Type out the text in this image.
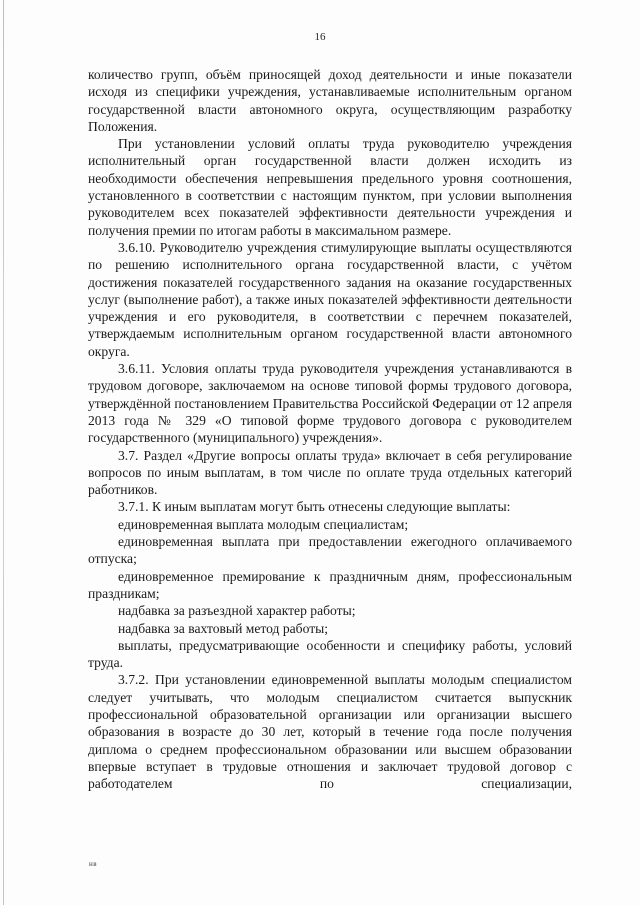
16

количество групп, объём приносящей доход деятельности и иные показатели исходя из специфики учреждения, устанавливаемые исполнительным органом государственной власти автономного округа, осуществляющим разработку Положения.

При установлении условий оплаты труда руководителю учреждения исполнительный орган государственной власти должен исходить из необходимости обеспечения непревышения предельного уровня соотношения, установленного в соответствии с настоящим пунктом, при условии выполнения руководителем всех показателей эффективности деятельности учреждения и получения премии по итогам работы в максимальном размере.

3.6.10. Руководителю учреждения стимулирующие выплаты осуществляются по решению исполнительного органа государственной власти, с учётом достижения показателей государственного задания на оказание государственных услуг (выполнение работ), а также иных показателей эффективности деятельности учреждения и его руководителя, в соответствии с перечнем показателей, утверждаемым исполнительным органом государственной власти автономного округа.

3.6.11. Условия оплаты труда руководителя учреждения устанавливаются в трудовом договоре, заключаемом на основе типовой формы трудового договора, утверждённой постановлением Правительства Российской Федерации от 12 апреля 2013 года № 329 «О типовой форме трудового договора с руководителем государственного (муниципального) учреждения».

3.7. Раздел «Другие вопросы оплаты труда» включает в себя регулирование вопросов по иным выплатам, в том числе по оплате труда отдельных категорий работников.

3.7.1. К иным выплатам могут быть отнесены следующие выплаты:

единовременная выплата молодым специалистам;

единовременная выплата при предоставлении ежегодного оплачиваемого отпуска;

единовременное премирование к праздничным дням, профессиональным праздникам;

надбавка за разъездной характер работы;

надбавка за вахтовый метод работы;

выплаты, предусматривающие особенности и специфику работы, условий труда.

3.7.2. При установлении единовременной выплаты молодым специалистом следует учитывать, что молодым специалистом считается выпускник профессиональной образовательной организации или организации высшего образования в возрасте до 30 лет, который в течение года после получения диплома о среднем профессиональном образовании или высшем образовании впервые вступает в трудовые отношения и заключает трудовой договор с работодателем по специализации,

нв
